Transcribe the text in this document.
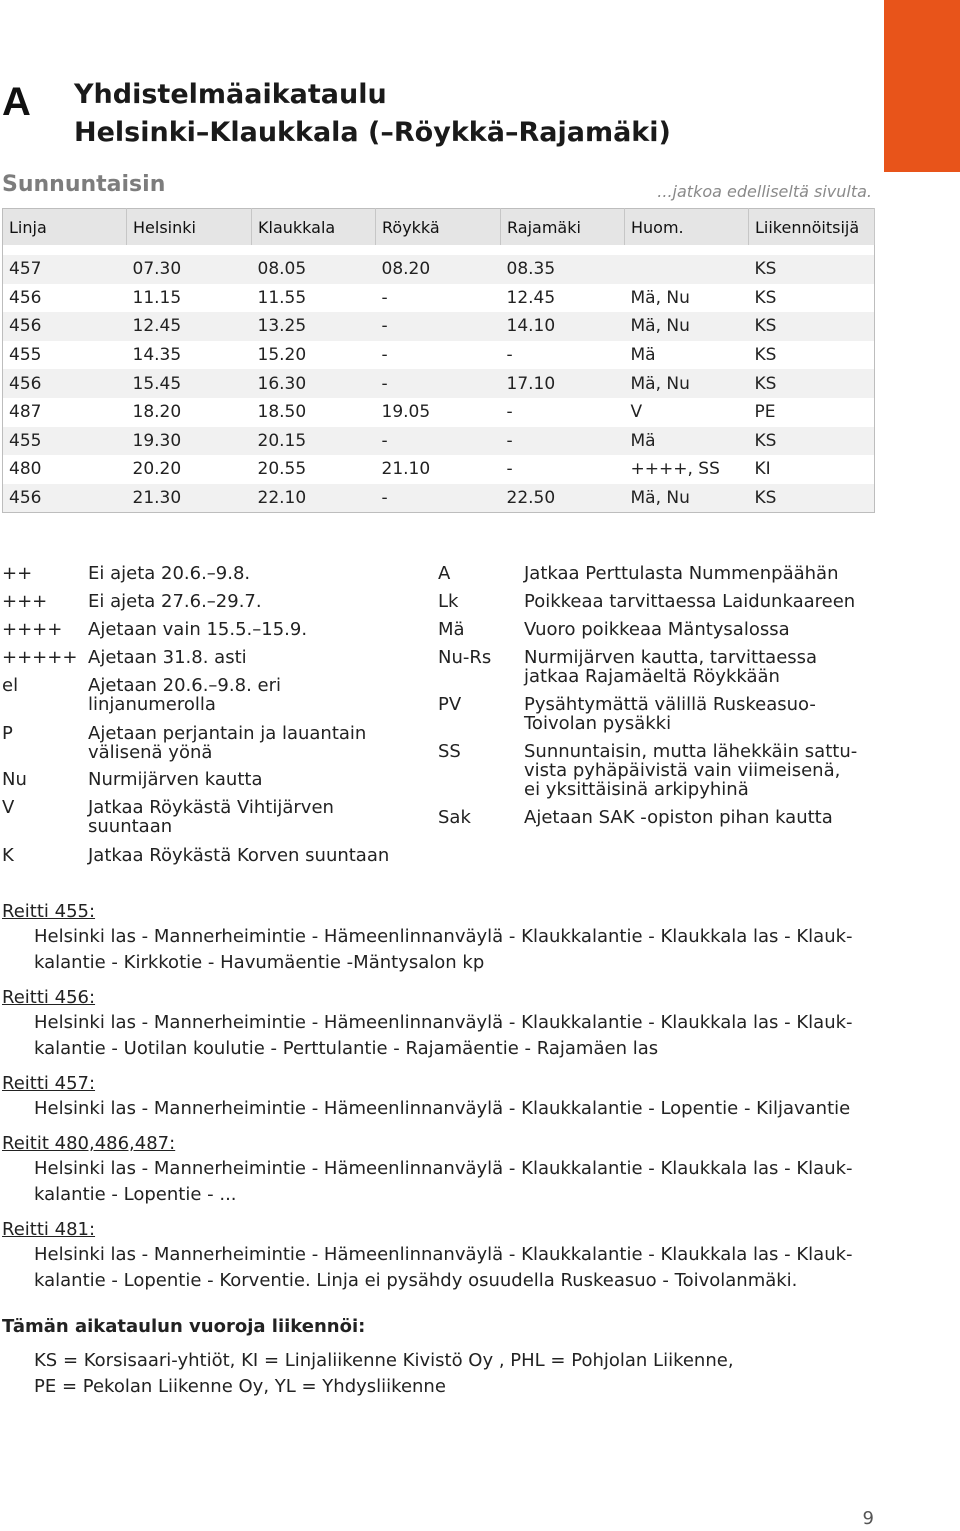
A Yhdistelmäaikataulu
Helsinki–Klaukkala (–Röykkä–Rajamäki)
Sunnuntaisin	...jatkoa edelliseltä sivulta.
Linja	Helsinki	Klaukkala	Röykkä	Rajamäki	Huom.	Liikennöitsijä

457	07.30	08.05	08.20	08.35		KS
456	11.15	11.55	-	12.45	Mä, Nu	KS
456	12.45	13.25	-	14.10	Mä, Nu	KS
455	14.35	15.20	-	-	Mä	KS
456	15.45	16.30	-	17.10	Mä, Nu	KS
487	18.20	18.50	19.05	-	V	PE
455	19.30	20.15	-	-	Mä	KS
480	20.20	20.55	21.10	-	++++, SS	KI
456	21.30	22.10	-	22.50	Mä, Nu	KS
++	Ei ajeta 20.6.–9.8.
+++ Ei ajeta 27.6.–29.7.
++++ Ajetaan vain 15.5.–15.9.
+++++ Ajetaan 31.8. asti
el	Ajetaan 20.6.–9.8. eri
linjanumerolla
P	Ajetaan perjantain ja lauantain
välisenä yönä
Nu	Nurmijärven kautta
V	Jatkaa Röykästä Vihtijärven
suuntaan
K	Jatkaa Röykästä Korven suuntaan
A	Jatkaa Perttulasta Nummenpäähän
Lk	Poikkeaa tarvittaessa Laidunkaareen
Mä	Vuoro poikkeaa Mäntysalossa
Nu-Rs Nurmijärven kautta, tarvittaessa
jatkaa Rajamäeltä Röykkään
PV	Pysähtymättä välillä Ruskeasuo-
Toivolan pysäkki
SS	Sunnuntaisin, mutta lähekkäin sattu-
vista pyhäpäivistä vain viimeisenä,
ei yksittäisinä arkipyhinä
Sak	Ajetaan SAK -opiston pihan kautta
Reitti 455:
Helsinki las - Mannerheimintie - Hämeenlinnanväylä - Klaukkalantie - Klaukkala las - Klauk-
kalantie - Kirkkotie - Havumäentie -Mäntysalon kp
Reitti 456:
Helsinki las - Mannerheimintie - Hämeenlinnanväylä - Klaukkalantie - Klaukkala las - Klauk-
kalantie - Uotilan koulutie - Perttulantie - Rajamäentie - Rajamäen las
Reitti 457:
Helsinki las - Mannerheimintie - Hämeenlinnanväylä - Klaukkalantie - Lopentie - Kiljavantie
Reitit 480,486,487:
Helsinki las - Mannerheimintie - Hämeenlinnanväylä - Klaukkalantie - Klaukkala las - Klauk-
kalantie - Lopentie - ...
Reitti 481:
Helsinki las - Mannerheimintie - Hämeenlinnanväylä - Klaukkalantie - Klaukkala las - Klauk-
kalantie - Lopentie - Korventie. Linja ei pysähdy osuudella Ruskeasuo - Toivolanmäki.
Tämän aikataulun vuoroja liikennöi:
KS = Korsisaari-yhtiöt, KI = Linjaliikenne Kivistö Oy , PHL = Pohjolan Liikenne,
PE = Pekolan Liikenne Oy, YL = Yhdysliikenne
9
